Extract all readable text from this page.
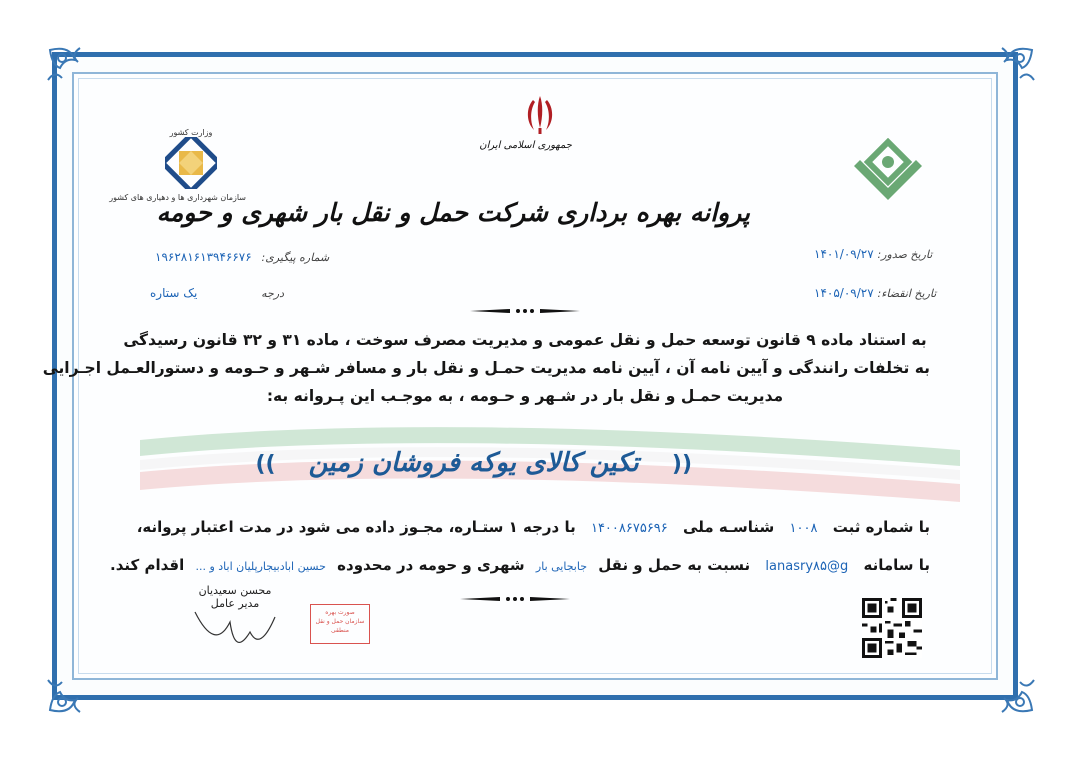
جمهوری اسلامی ایران
وزارت کشور
سازمان شهرداری ها و دهیاری های کشور
پروانه بهره برداری شرکت حمل و نقل بار شهری و حومه
تاریخ صدور: ۱۴۰۱/۰۹/۲۷
تاریخ انقضاء: ۱۴۰۵/۰۹/۲۷
شماره پیگیری: ۱۹۶۲۸۱۶۱۳۹۴۶۶۷۶
درجه یک ستاره
به استناد ماده ۹ قانون توسعه حمل و نقل عمومی و مدیریت مصرف سوخت ، ماده ۳۱ و ۳۲ قانون رسیدگی
به تخلفات رانندگی و آیین نامه آن ، آیین نامه مدیریت حمـل و نقل بار و مسافر شـهر و حـومه و دستورالعـمل اجـرایی
مدیریت حمـل و نقل بار در شـهر و حـومه ، به موجـب این پـروانه به:
(( تکین کالای یوکه فروشان زمین ))
با شماره ثبت ۱۰۰۸ شناسـه ملی ۱۴۰۰۸۶۷۵۶۹۶ با درجه ۱ ستـاره، مجـوز داده می شود در مدت اعتبار پروانه،
با سامانه lanasry۸۵@g نسبت به حمل و نقل جابجایی بار شهری و حومه در محدوده حسین ابادبیجارپلیان اباد و ... اقدام کند.
محسن سعیدیان
مدیر عامل
صورت بهره
سازمان حمل و نقل منطقی
